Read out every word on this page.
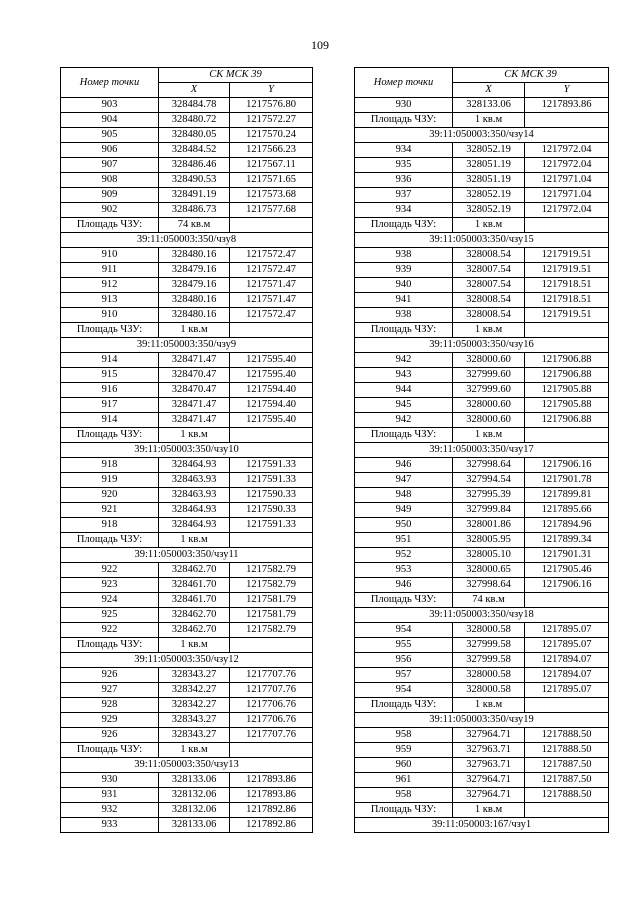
109
Номер точки	СК МСК 39	
	X	Y
903	328484.78	1217576.80
904	328480.72	1217572.27
905	328480.05	1217570.24
906	328484.52	1217566.23
907	328486.46	1217567.11
908	328490.53	1217571.65
909	328491.19	1217573.68
902	328486.73	1217577.68
Площадь ЧЗУ:	74 кв.м	
39:11:050003:350/чзу8		
910	328480.16	1217572.47
911	328479.16	1217572.47
912	328479.16	1217571.47
913	328480.16	1217571.47
910	328480.16	1217572.47
Площадь ЧЗУ:	1 кв.м	
39:11:050003:350/чзу9		
914	328471.47	1217595.40
915	328470.47	1217595.40
916	328470.47	1217594.40
917	328471.47	1217594.40
914	328471.47	1217595.40
Площадь ЧЗУ:	1 кв.м	
39:11:050003:350/чзу10		
918	328464.93	1217591.33
919	328463.93	1217591.33
920	328463.93	1217590.33
921	328464.93	1217590.33
918	328464.93	1217591.33
Площадь ЧЗУ:	1 кв.м	
39:11:050003:350/чзу11		
922	328462.70	1217582.79
923	328461.70	1217582.79
924	328461.70	1217581.79
925	328462.70	1217581.79
922	328462.70	1217582.79
Площадь ЧЗУ:	1 кв.м	
39:11:050003:350/чзу12		
926	328343.27	1217707.76
927	328342.27	1217707.76
928	328342.27	1217706.76
929	328343.27	1217706.76
926	328343.27	1217707.76
Площадь ЧЗУ:	1 кв.м	
39:11:050003:350/чзу13		
930	328133.06	1217893.86
931	328132.06	1217893.86
932	328132.06	1217892.86
933	328133.06	1217892.86
Номер точки	СК МСК 39	
	X	Y
930	328133.06	1217893.86
Площадь ЧЗУ:	1 кв.м	
39:11:050003:350/чзу14		
934	328052.19	1217972.04
935	328051.19	1217972.04
936	328051.19	1217971.04
937	328052.19	1217971.04
934	328052.19	1217972.04
Площадь ЧЗУ:	1 кв.м	
39:11:050003:350/чзу15		
938	328008.54	1217919.51
939	328007.54	1217919.51
940	328007.54	1217918.51
941	328008.54	1217918.51
938	328008.54	1217919.51
Площадь ЧЗУ:	1 кв.м	
39:11:050003:350/чзу16		
942	328000.60	1217906.88
943	327999.60	1217906.88
944	327999.60	1217905.88
945	328000.60	1217905.88
942	328000.60	1217906.88
Площадь ЧЗУ:	1 кв.м	
39:11:050003:350/чзу17		
946	327998.64	1217906.16
947	327994.54	1217901.78
948	327995.39	1217899.81
949	327999.84	1217895.66
950	328001.86	1217894.96
951	328005.95	1217899.34
952	328005.10	1217901.31
953	328000.65	1217905.46
946	327998.64	1217906.16
Площадь ЧЗУ:	74 кв.м	
39:11:050003:350/чзу18		
954	328000.58	1217895.07
955	327999.58	1217895.07
956	327999.58	1217894.07
957	328000.58	1217894.07
954	328000.58	1217895.07
Площадь ЧЗУ:	1 кв.м	
39:11:050003:350/чзу19		
958	327964.71	1217888.50
959	327963.71	1217888.50
960	327963.71	1217887.50
961	327964.71	1217887.50
958	327964.71	1217888.50
Площадь ЧЗУ:	1 кв.м	
39:11:050003:167/чзу1		
